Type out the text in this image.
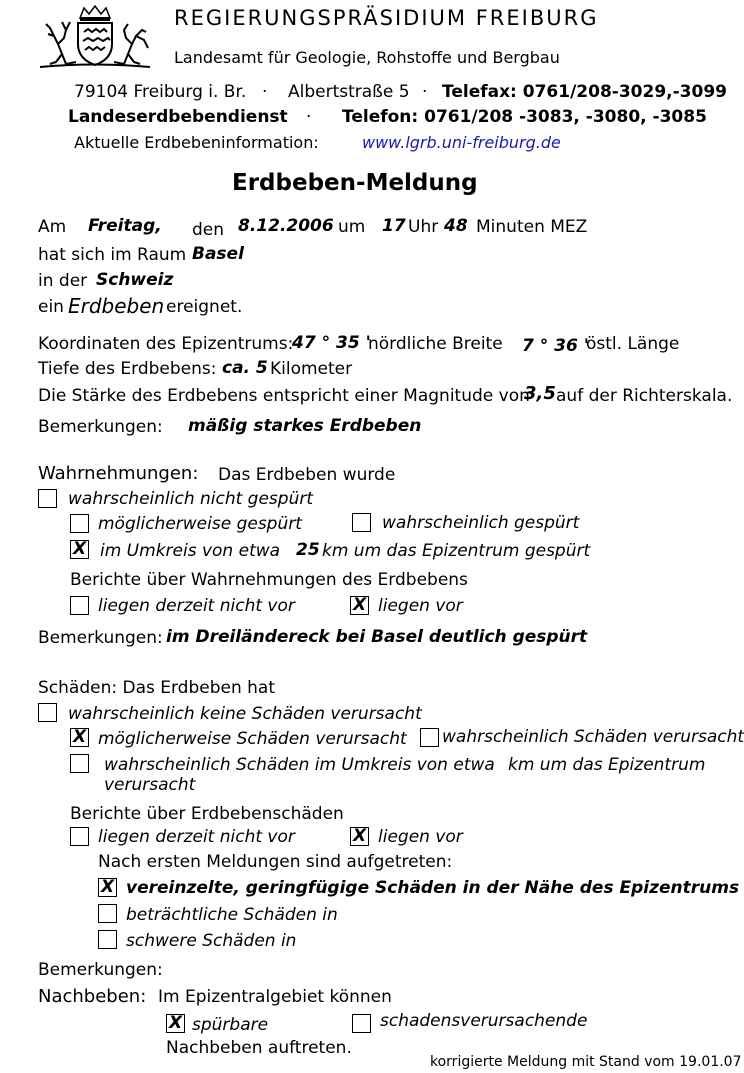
REGIERUNGSPRÄSIDIUM FREIBURG
Landesamt für Geologie, Rohstoffe und Bergbau
79104 Freiburg i. Br. · Albertstraße 5 · Telefax: 0761/208-3029,-3099
Landeserdbebendienst · Telefon: 0761/208 -3083, -3080, -3085
Aktuelle Erdbebeninformation:	www.lgrb.uni-freiburg.de
Erdbeben-Meldung
Am Freitag, den 8.12.2006 um 17 Uhr 48 Minuten MEZ
hat sich im Raum Basel
in der Schweiz
ein Erdbeben ereignet.
Koordinaten des Epizentrums:
47 ° 35 '
nördliche Breite 7 ° 36 '
östl. Länge
Tiefe des Erdbebens: ca. 5 Kilometer
Die Stärke des Erdbebens entspricht einer Magnitude von
3,5 auf der Richterskala.
Bemerkungen: mäßig starkes Erdbeben
Wahrnehmungen: Das Erdbeben wurde
wahrscheinlich nicht gespürt
möglicherweise gespürt	wahrscheinlich gespürt
X im Umkreis von etwa 25 km um das Epizentrum gespürt
Berichte über Wahrnehmungen des Erdbebens
liegen derzeit nicht vor	X liegen vor
Bemerkungen: im Dreiländereck bei Basel deutlich gespürt
Schäden: Das Erdbeben hat
wahrscheinlich keine Schäden verursacht
X möglicherweise Schäden verursacht wahrscheinlich Schäden verursacht
wahrscheinlich Schäden im Umkreis von etwa km um das Epizentrum
verursacht
Berichte über Erdbebenschäden
liegen derzeit nicht vor	X liegen vor
Nach ersten Meldungen sind aufgetreten:
X vereinzelte, geringfügige Schäden in der Nähe des Epizentrums
beträchtliche Schäden in
schwere Schäden in
Bemerkungen:
Nachbeben: Im Epizentralgebiet können
X spürbare	schadensverursachende
Nachbeben auftreten.
korrigierte Meldung mit Stand vom 19.01.07
